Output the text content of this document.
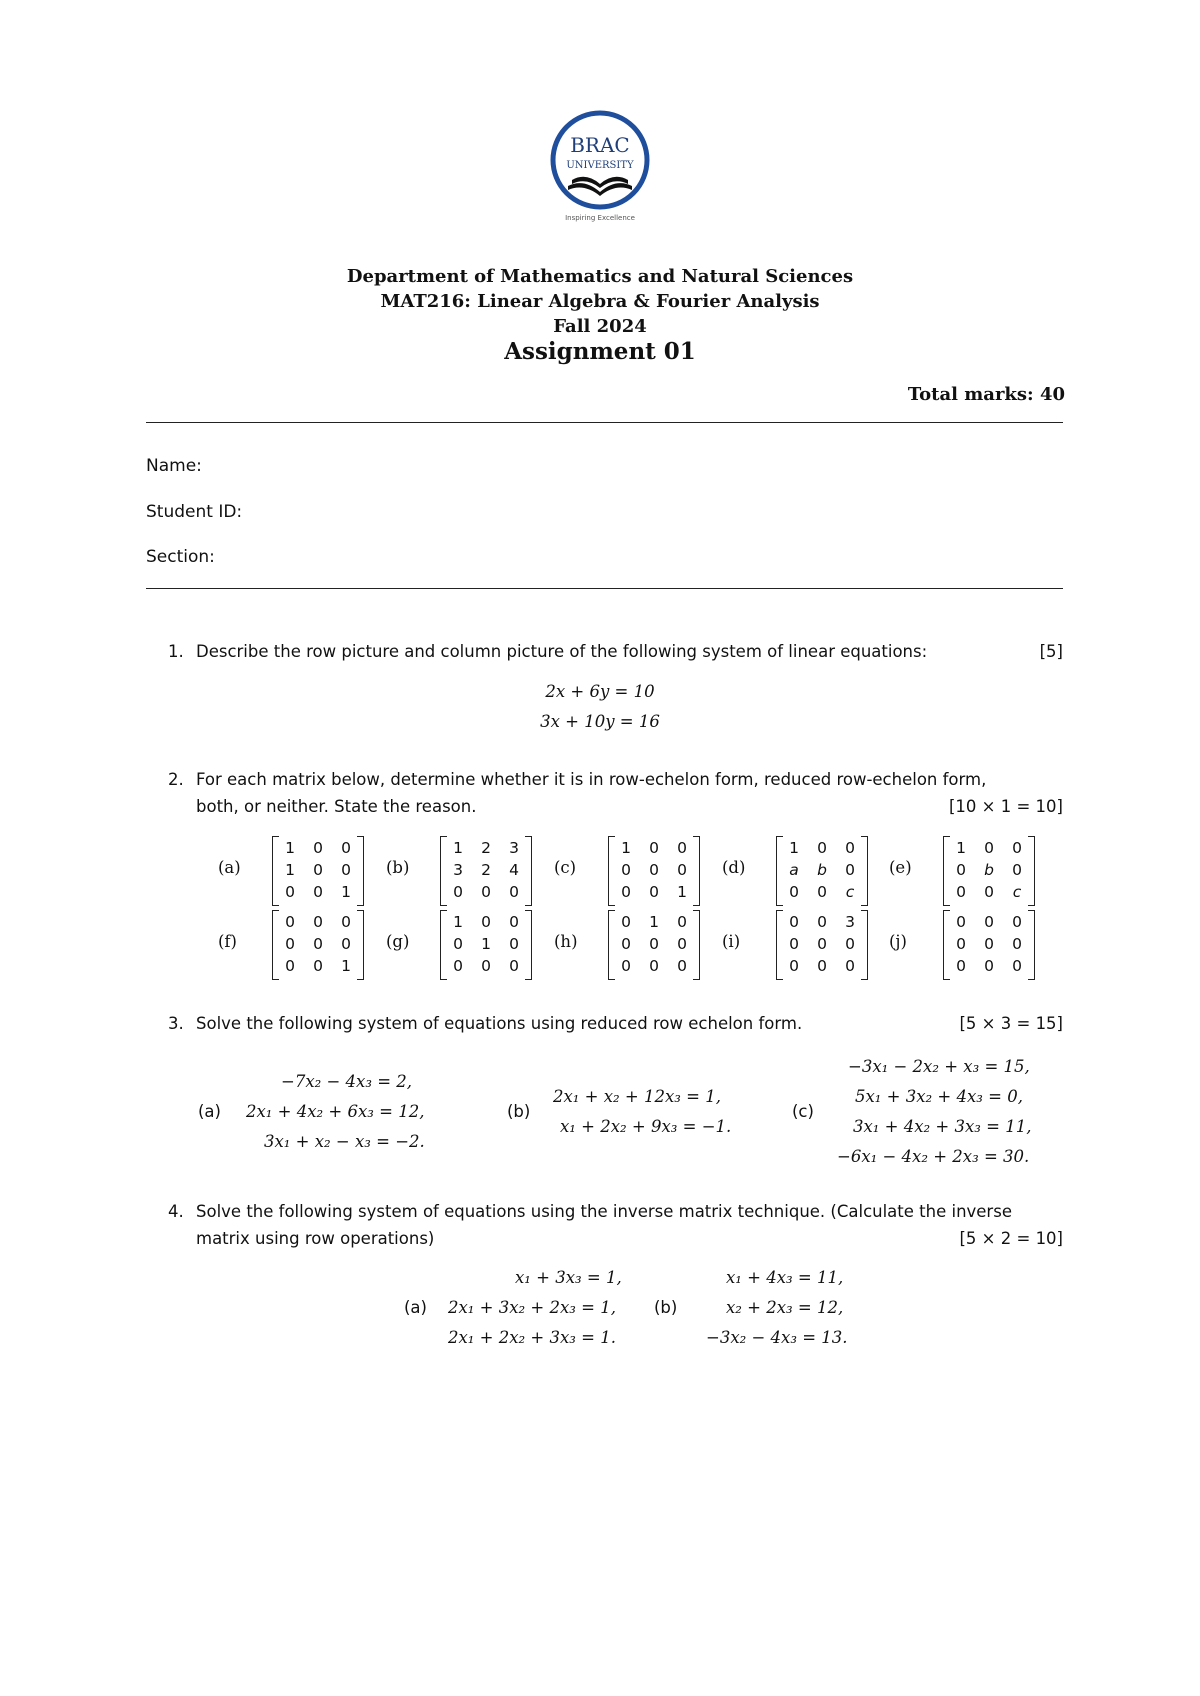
BRAC
UNIVERSITY
Inspiring Excellence
Department of Mathematics and Natural Sciences
MAT216: Linear Algebra & Fourier Analysis
Fall 2024
Assignment 01
Total marks: 40
Name:
Student ID:
Section:
1. Describe the row picture and column picture of the following system of linear equations:	[5]
2x + 6y = 10
3x + 10y = 16
2. For each matrix below, determine whether it is in row-echelon form, reduced row-echelon form,
both, or neither. State the reason.	[10 × 1 = 10]
(a)
1	0	0
1	0	0
0	0	1
(b)
1	2	3
3	2	4
0	0	0
(c)
1	0	0
0	0	0
0	0	1
(d)
1	0	0
a	b	0
0	0	c
(e)
1	0	0
0	b	0
0	0	c
(f)
0	0	0
0	0	0
0	0	1
(g)
1	0	0
0	1	0
0	0	0
(h)
0	1	0
0	0	0
0	0	0
(i)
0	0	3
0	0	0
0	0	0
(j)
0	0	0
0	0	0
0	0	0
3. Solve the following system of equations using reduced row echelon form.	[5 × 3 = 15]
(a)
−7x₂ − 4x₃ = 2,
2x₁ + 4x₂ + 6x₃ = 12,
3x₁ + x₂ − x₃ = −2.
(b)
2x₁ + x₂ + 12x₃ = 1,
x₁ + 2x₂ + 9x₃ = −1.
(c)
−3x₁ − 2x₂ + x₃ = 15,
5x₁ + 3x₂ + 4x₃ = 0,
3x₁ + 4x₂ + 3x₃ = 11,
−6x₁ − 4x₂ + 2x₃ = 30.
4. Solve the following system of equations using the inverse matrix technique. (Calculate the inverse
matrix using row operations)	[5 × 2 = 10]
(a)
x₁ + 3x₃ = 1,
2x₁ + 3x₂ + 2x₃ = 1,
2x₁ + 2x₂ + 3x₃ = 1.
(b)
x₁ + 4x₃ = 11,
x₂ + 2x₃ = 12,
−3x₂ − 4x₃ = 13.
